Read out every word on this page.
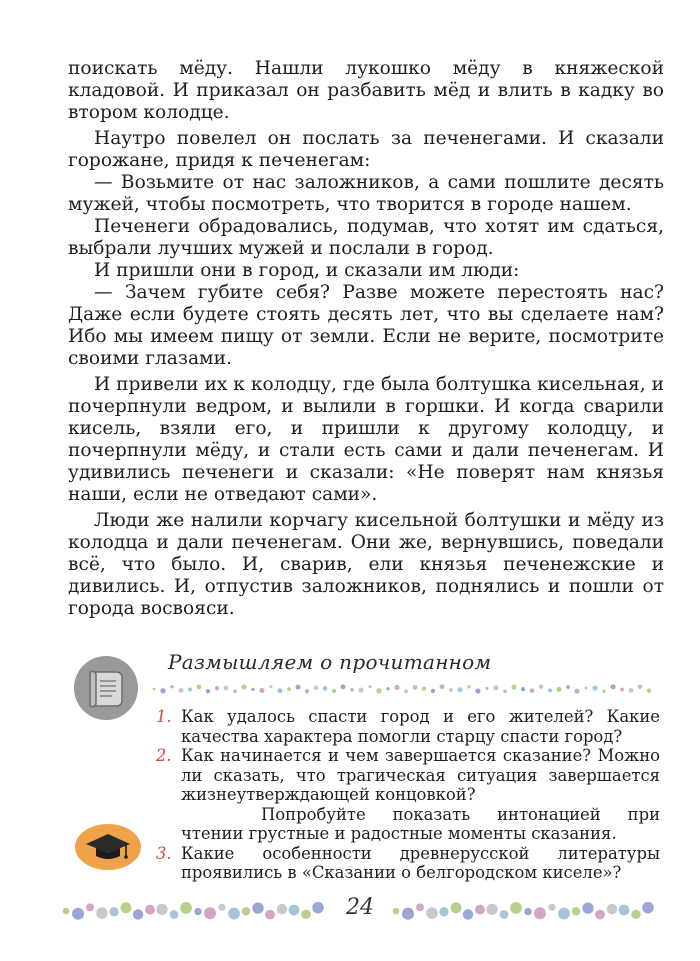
поискать мёду. Нашли лукошко мёду в княжеской кладовой. И приказал он разбавить мёд и влить в кадку во втором колодце.

Наутро повелел он послать за печенегами. И сказали горожане, придя к печенегам:

— Возьмите от нас заложников, а сами пошлите десять мужей, чтобы посмотреть, что творится в городе нашем.

Печенеги обрадовались, подумав, что хотят им сдаться, выбрали лучших мужей и послали в город.

И пришли они в город, и сказали им люди:

— Зачем губите себя? Разве можете перестоять нас? Даже если будете стоять десять лет, что вы сделаете нам? Ибо мы имеем пищу от земли. Если не верите, посмотрите своими глазами.

И привели их к колодцу, где была болтушка кисельная, и почерпнули ведром, и вылили в горшки. И когда сварили кисель, взяли его, и пришли к другому колодцу, и почерпнули мёду, и стали есть сами и дали печенегам. И удивились печенеги и сказали: «Не поверят нам князья наши, если не отведают сами».

Люди же налили корчагу кисельной болтушки и мёду из колодца и дали печенегам. Они же, вернувшись, поведали всё, что было. И, сварив, ели князья печенежские и дивились. И, отпустив заложников, поднялись и пошли от города восвояси.

Размышляем о прочитанном
1. Как удалось спасти город и его жителей? Какие качества характера помогли старцу спасти город?
2. Как начинается и чем завершается сказание? Можно ли сказать, что трагическая ситуация завершается жизнеутверждающей концовкой?
Попробуйте показать интонацией при чтении грустные и радостные моменты сказания.
3. Какие особенности древнерусской литературы проявились в «Сказании о белгородском киселе»?
24
